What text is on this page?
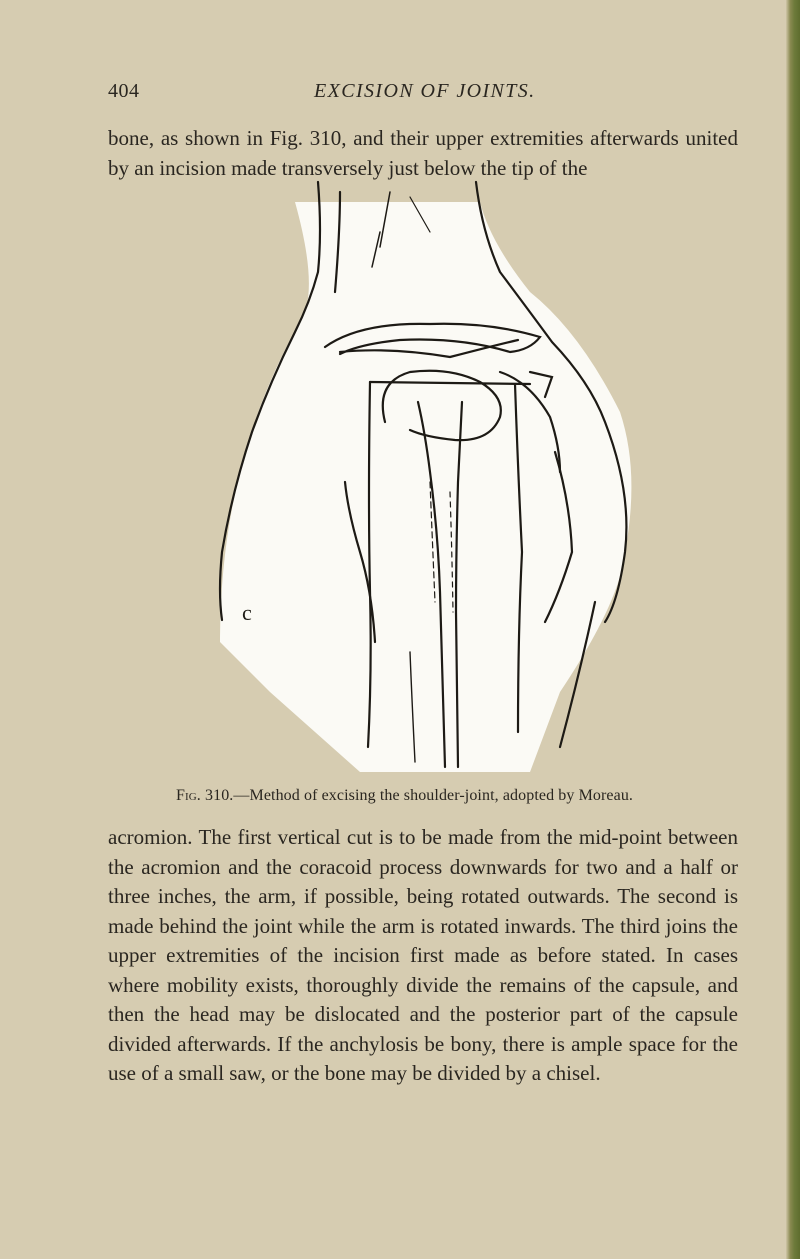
404	EXCISION OF JOINTS.

bone, as shown in Fig. 310, and their upper extremities afterwards united by an incision made transversely just below the tip of the

c
Fig. 310.—Method of excising the shoulder-joint, adopted by Moreau.

acromion. The first vertical cut is to be made from the mid-point between the acromion and the coracoid process downwards for two and a half or three inches, the arm, if possible, being rotated outwards. The second is made behind the joint while the arm is rotated inwards. The third joins the upper extremities of the incision first made as before stated. In cases where mobility exists, thoroughly divide the remains of the capsule, and then the head may be dislocated and the posterior part of the capsule divided afterwards. If the anchylosis be bony, there is ample space for the use of a small saw, or the bone may be divided by a chisel.
